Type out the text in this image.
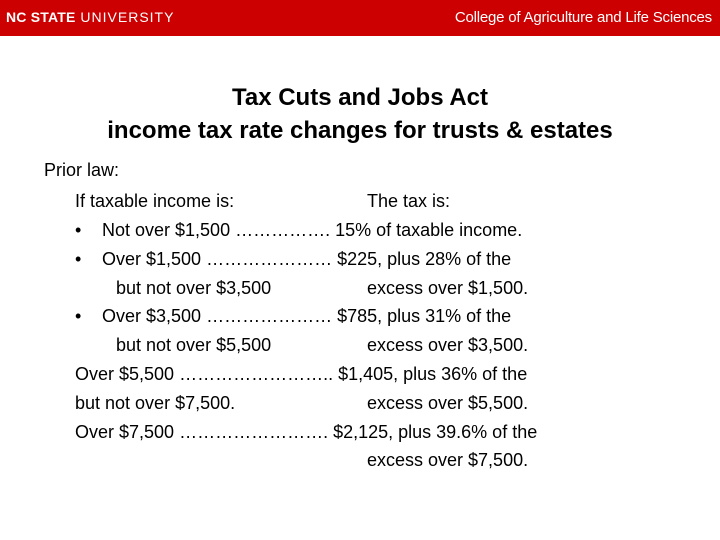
NC STATE UNIVERSITY	College of Agriculture and Life Sciences
Tax Cuts and Jobs Act
income tax rate changes for trusts & estates
Prior law:
If taxable income is:	The tax is:
• Not over $1,500 ……………. 15% of taxable income.
• Over $1,500 ………………… $225, plus 28% of the
but not over $3,500	excess over $1,500.
• Over $3,500 ………………… $785, plus 31% of the
but not over $5,500	excess over $3,500.
Over $5,500 …………………….. $1,405, plus 36% of the
but not over $7,500.	excess over $5,500.
Over $7,500 ……………………. $2,125, plus 39.6% of the
excess over $7,500.
